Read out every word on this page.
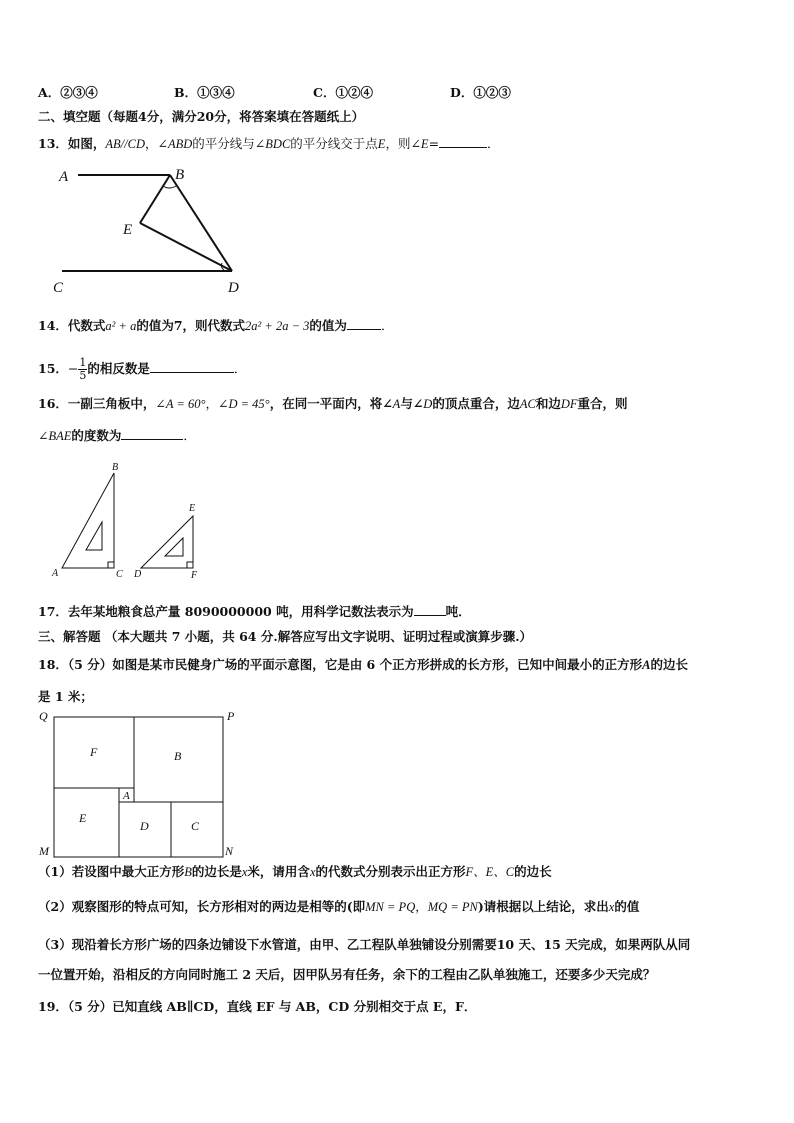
A．②③④	B．①③④	C．①②④	D．①②③
二、填空题（每题4分，满分20分，将答案填在答题纸上）
13．如图，AB//CD，∠ABD的平分线与∠BDC的平分线交于点E，则∠E=	．
A	B
E
C	D
14．代数式a² + a的值为7，则代数式2a² + 2a − 3的值为	．
15．− $\frac{1}{5}$ 的相反数是	．
16．一副三角板中，∠A = 60°，∠D = 45°，在同一平面内，将∠A与∠D的顶点重合，边AC和边DF重合，则
∠BAE的度数为	．
B
A	C
E
D	F
17．去年某地粮食总产量 8090000000 吨，用科学记数法表示为	吨．
三、解答题 （本大题共 7 小题，共 64 分.解答应写出文字说明、证明过程或演算步骤.）
18．（5 分）如图是某市民健身广场的平面示意图，它是由 6 个正方形拼成的长方形，已知中间最小的正方形A的边长
是 1 米；
Q	P
M	N
F	B
A
E
D	C
（1）若设图中最大正方形B的边长是x米，请用含x的代数式分别表示出正方形F、E、C的边长
（2）观察图形的特点可知，长方形相对的两边是相等的(即MN = PQ，MQ = PN)请根据以上结论，求出x的值
（3）现沿着长方形广场的四条边铺设下水管道，由甲、乙工程队单独铺设分别需要10 天、15 天完成，如果两队从同
一位置开始，沿相反的方向同时施工 2 天后，因甲队另有任务，余下的工程由乙队单独施工，还要多少天完成？
19．（5 分）已知直线 AB∥CD，直线 EF 与 AB，CD 分别相交于点 E，F．
